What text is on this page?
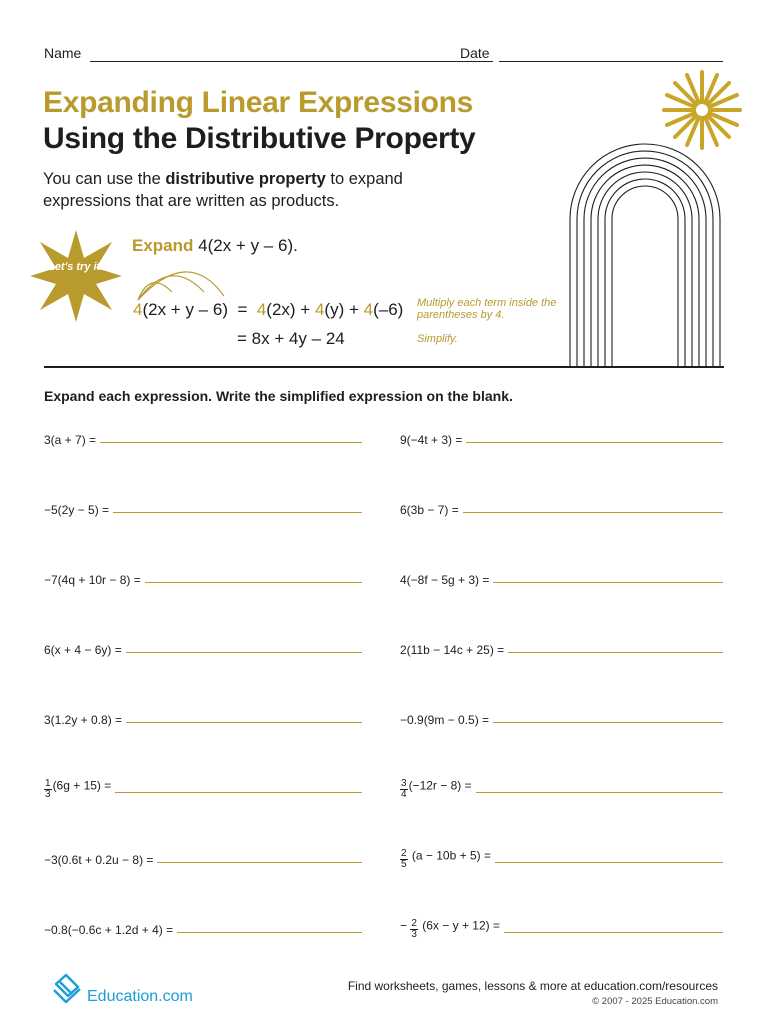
Name	Date
Expanding Linear Expressions
Using the Distributive Property
You can use the distributive property to expand expressions that are written as products.
Let's try it!
Expand 4(2x + y – 6).
4(2x + y – 6) = 4(2x) + 4(y) + 4(–6)
= 8x + 4y – 24
Multiply each term inside the parentheses by 4.
Simplify.
Expand each expression. Write the simplified expression on the blank.
3(a + 7) =
−5(2y − 5) =
−7(4q + 10r − 8) =
6(x + 4 − 6y) =
3(1.2y + 0.8) =
$\frac{1}{3} (6g + 15)$ =
−3(0.6t + 0.2u − 8) =
−0.8(−0.6c + 1.2d + 4) =
9(−4t + 3) =
6(3b − 7) =
4(−8f − 5g + 3) =
2(11b − 14c + 25) =
−0.9(9m − 0.5) =
$\frac{3}{4} (-12r - 8)$ =
$\frac{2}{5} (a - 10b + 5)$ =
− $\frac{2}{3} (6x - y + 12)$ =
Education.com
Find worksheets, games, lessons & more at education.com/resources
© 2007 - 2025 Education.com
